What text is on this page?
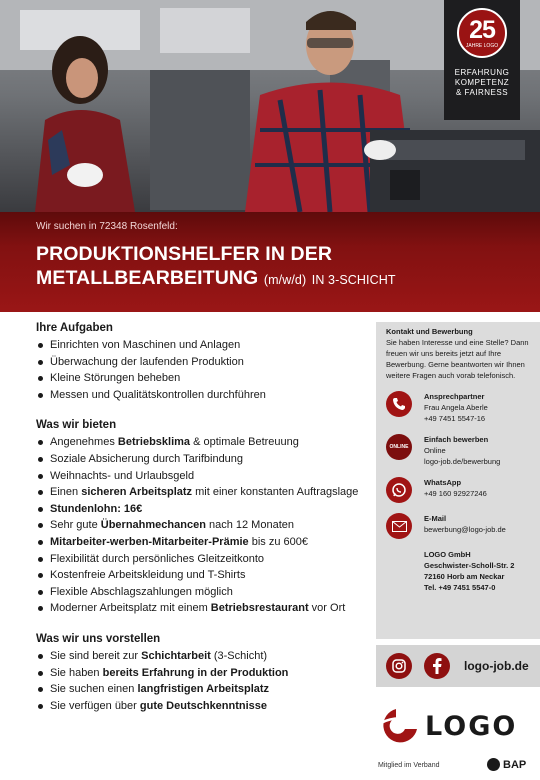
25
JAHRE LOGO
ERFAHRUNG
KOMPETENZ
& FAIRNESS
Wir suchen in 72348 Rosenfeld:
PRODUKTIONSHELFER IN DER
METALLBEARBEITUNG (m/w/d) IN 3-SCHICHT
Ihre Aufgaben
Einrichten von Maschinen und Anlagen
Überwachung der laufenden Produktion
Kleine Störungen beheben
Messen und Qualitätskontrollen durchführen
Was wir bieten
Angenehmes Betriebsklima & optimale Betreuung
Soziale Absicherung durch Tarifbindung
Weihnachts- und Urlaubsgeld
Einen sicheren Arbeitsplatz mit einer konstanten Auftragslage
Stundenlohn: 16€
Sehr gute Übernahmechancen nach 12 Monaten
Mitarbeiter-werben-Mitarbeiter-Prämie bis zu 600€
Flexibilität durch persönliches Gleitzeitkonto
Kostenfreie Arbeitskleidung und T-Shirts
Flexible Abschlagszahlungen möglich
Moderner Arbeitsplatz mit einem Betriebsrestaurant vor Ort
Was wir uns vorstellen
Sie sind bereit zur Schichtarbeit (3-Schicht)
Sie haben bereits Erfahrung in der Produktion
Sie suchen einen langfristigen Arbeitsplatz
Sie verfügen über gute Deutschkenntnisse
Kontakt und Bewerbung
Sie haben Interesse und eine Stelle? Dann freuen wir uns bereits jetzt auf Ihre Bewerbung. Gerne beantworten wir Ihnen weitere Fragen auch vorab telefonisch.
Ansprechpartner
Frau Angela Aberle
+49 7451 5547-16
ONLINE
Einfach bewerben
Online
logo-job.de/bewerbung
WhatsApp
+49 160 92927246
E-Mail
bewerbung@logo-job.de
LOGO GmbH
Geschwister-Scholl-Str. 2
72160 Horb am Neckar
Tel. +49 7451 5547-0
logo-job.de
LOGO
Mitglied im Verband	BAP
